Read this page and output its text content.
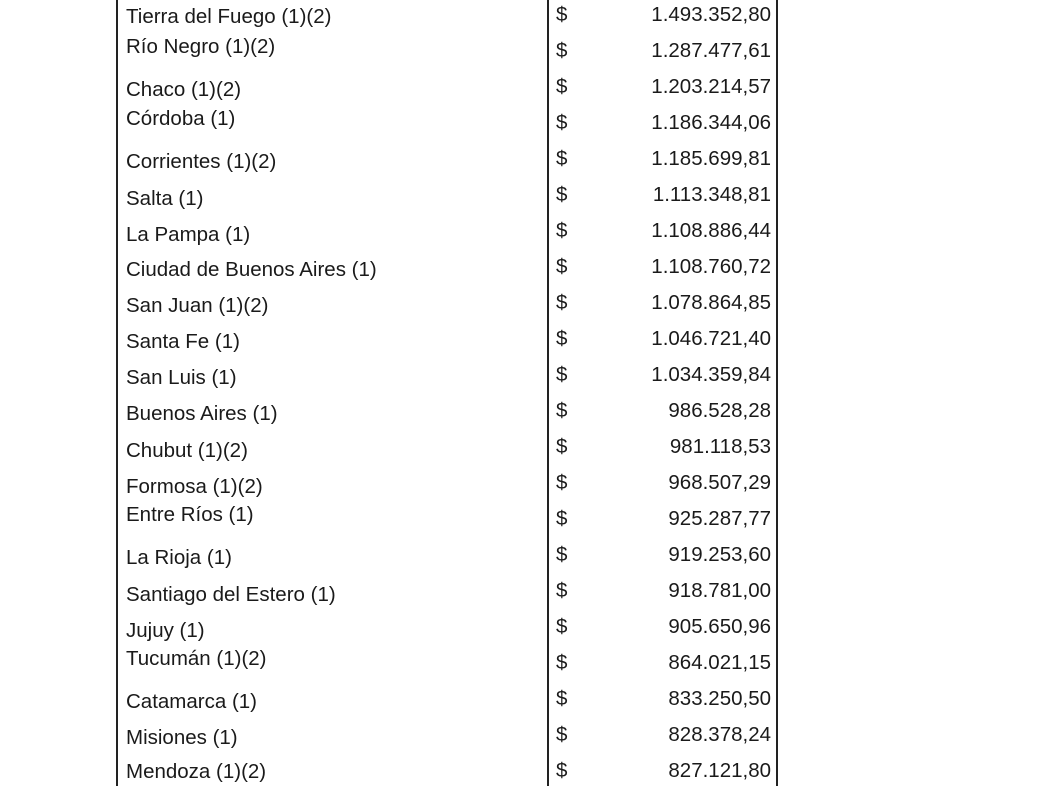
Tierra del Fuego (1)(2)	$	1.493.352,80
Río Negro (1)(2)	$	1.287.477,61
Chaco (1)(2)	$	1.203.214,57
Córdoba (1)	$	1.186.344,06
Corrientes (1)(2)	$	1.185.699,81
Salta (1)	$	1.113.348,81
La Pampa (1)	$	1.108.886,44
Ciudad de Buenos Aires (1)	$	1.108.760,72
San Juan (1)(2)	$	1.078.864,85
Santa Fe (1)	$	1.046.721,40
San Luis (1)	$	1.034.359,84
Buenos Aires (1)	$	986.528,28
Chubut (1)(2)	$	981.118,53
Formosa (1)(2)	$	968.507,29
Entre Ríos (1)	$	925.287,77
La Rioja (1)	$	919.253,60
Santiago del Estero (1)	$	918.781,00
Jujuy (1)	$	905.650,96
Tucumán (1)(2)	$	864.021,15
Catamarca (1)	$	833.250,50
Misiones (1)	$	828.378,24
Mendoza (1)(2)	$	827.121,80
